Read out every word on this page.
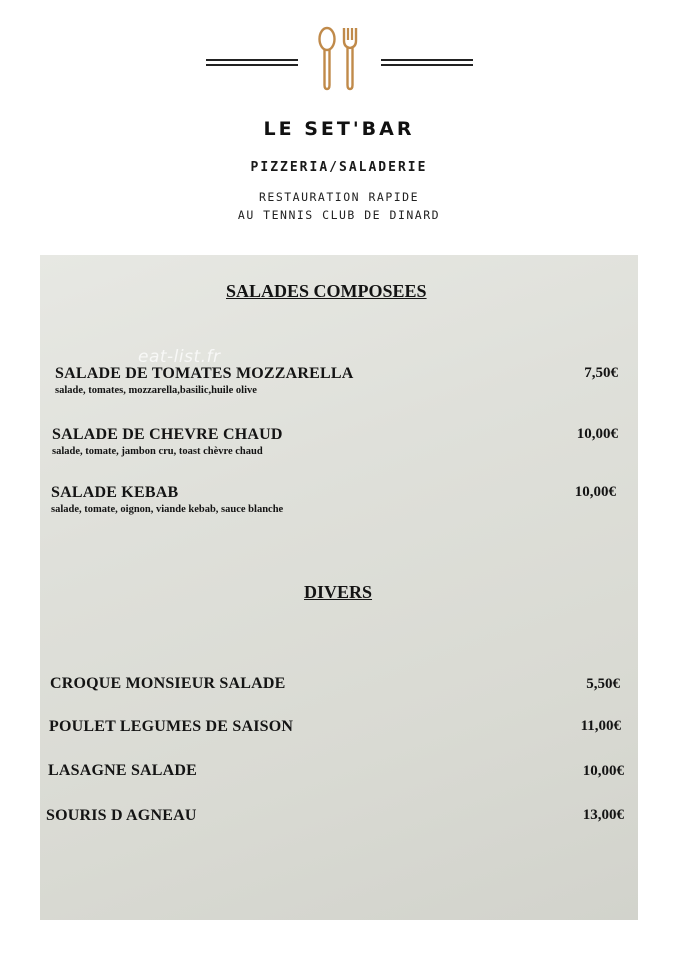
LE SET'BAR
PIZZERIA/SALADERIE
RESTAURATION RAPIDE
AU TENNIS CLUB DE DINARD
eat-list.fr
SALADES COMPOSEES
SALADE DE TOMATES MOZZARELLA
salade, tomates, mozzarella,basilic,huile olive
7,50€
SALADE DE CHEVRE CHAUD
salade, tomate, jambon cru, toast chèvre chaud
10,00€
SALADE KEBAB
salade, tomate, oignon, viande kebab, sauce blanche
10,00€
DIVERS
CROQUE MONSIEUR SALADE	5,50€
POULET LEGUMES DE SAISON	11,00€
LASAGNE SALADE	10,00€
SOURIS D AGNEAU	13,00€
